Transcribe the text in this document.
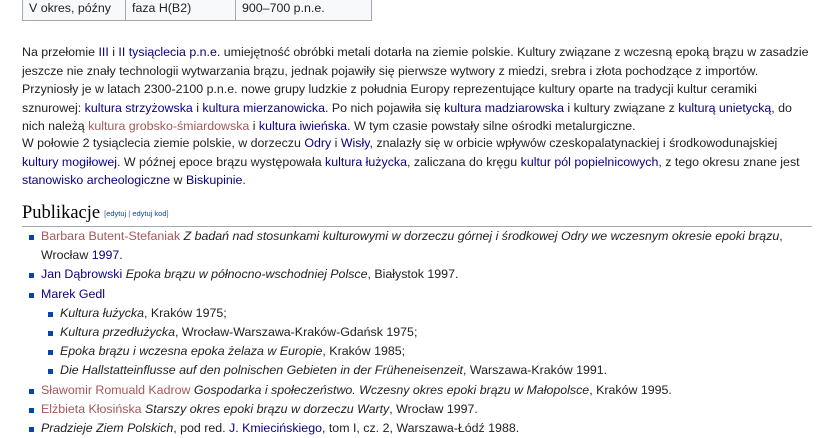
V okres, późny	faza H(B2)	900–700 p.n.e.

Na przełomie III i II tysiąclecia p.n.e. umiejętność obróbki metali dotarła na ziemie polskie. Kultury związane z wczesną epoką brązu w zasadzie jeszcze nie znały technologii wytwarzania brązu, jednak pojawiły się pierwsze wytwory z miedzi, srebra i złota pochodzące z importów. Przyniosły je w latach 2300-2100 p.n.e. nowe grupy ludzkie z południa Europy reprezentujące kultury oparte na tradycji kultur ceramiki sznurowej: kultura strzyżowska i kultura mierzanowicka. Po nich pojawiła się kultura madziarowska i kultury związane z kulturą unietycką, do nich należą kultura grobsko-śmiardowska i kultura iwieńska. W tym czasie powstały silne ośrodki metalurgiczne.

W połowie 2 tysiąclecia ziemie polskie, w dorzeczu Odry i Wisły, znalazły się w orbicie wpływów czeskopalatynackiej i środkowodunajskiej kultury mogiłowej. W późnej epoce brązu występowała kultura łużycka, zaliczana do kręgu kultur pól popielnicowych, z tego okresu znane jest stanowisko archeologiczne w Biskupinie.

Publikacje [edytuj | edytuj kod]
Barbara Butent-Stefaniak Z badań nad stosunkami kulturowymi w dorzeczu górnej i środkowej Odry we wczesnym okresie epoki brązu, Wrocław 1997.
Jan Dąbrowski Epoka brązu w północno-wschodniej Polsce, Białystok 1997.
Marek Gedl
Kultura łużycka, Kraków 1975;
Kultura przedłużycka, Wrocław-Warszawa-Kraków-Gdańsk 1975;
Epoka brązu i wczesna epoka żelaza w Europie, Kraków 1985;
Die Hallstatteinflusse auf den polnischen Gebieten in der Früheneisenzeit, Warszawa-Kraków 1991.
Sławomir Romuald Kadrow Gospodarka i społeczeństwo. Wczesny okres epoki brązu w Małopolsce, Kraków 1995.
Elżbieta Kłosińska Starszy okres epoki brązu w dorzeczu Warty, Wrocław 1997.
Pradzieje Ziem Polskich, pod red. J. Kmiecińskiego, tom I, cz. 2, Warszawa-Łódź 1988.
